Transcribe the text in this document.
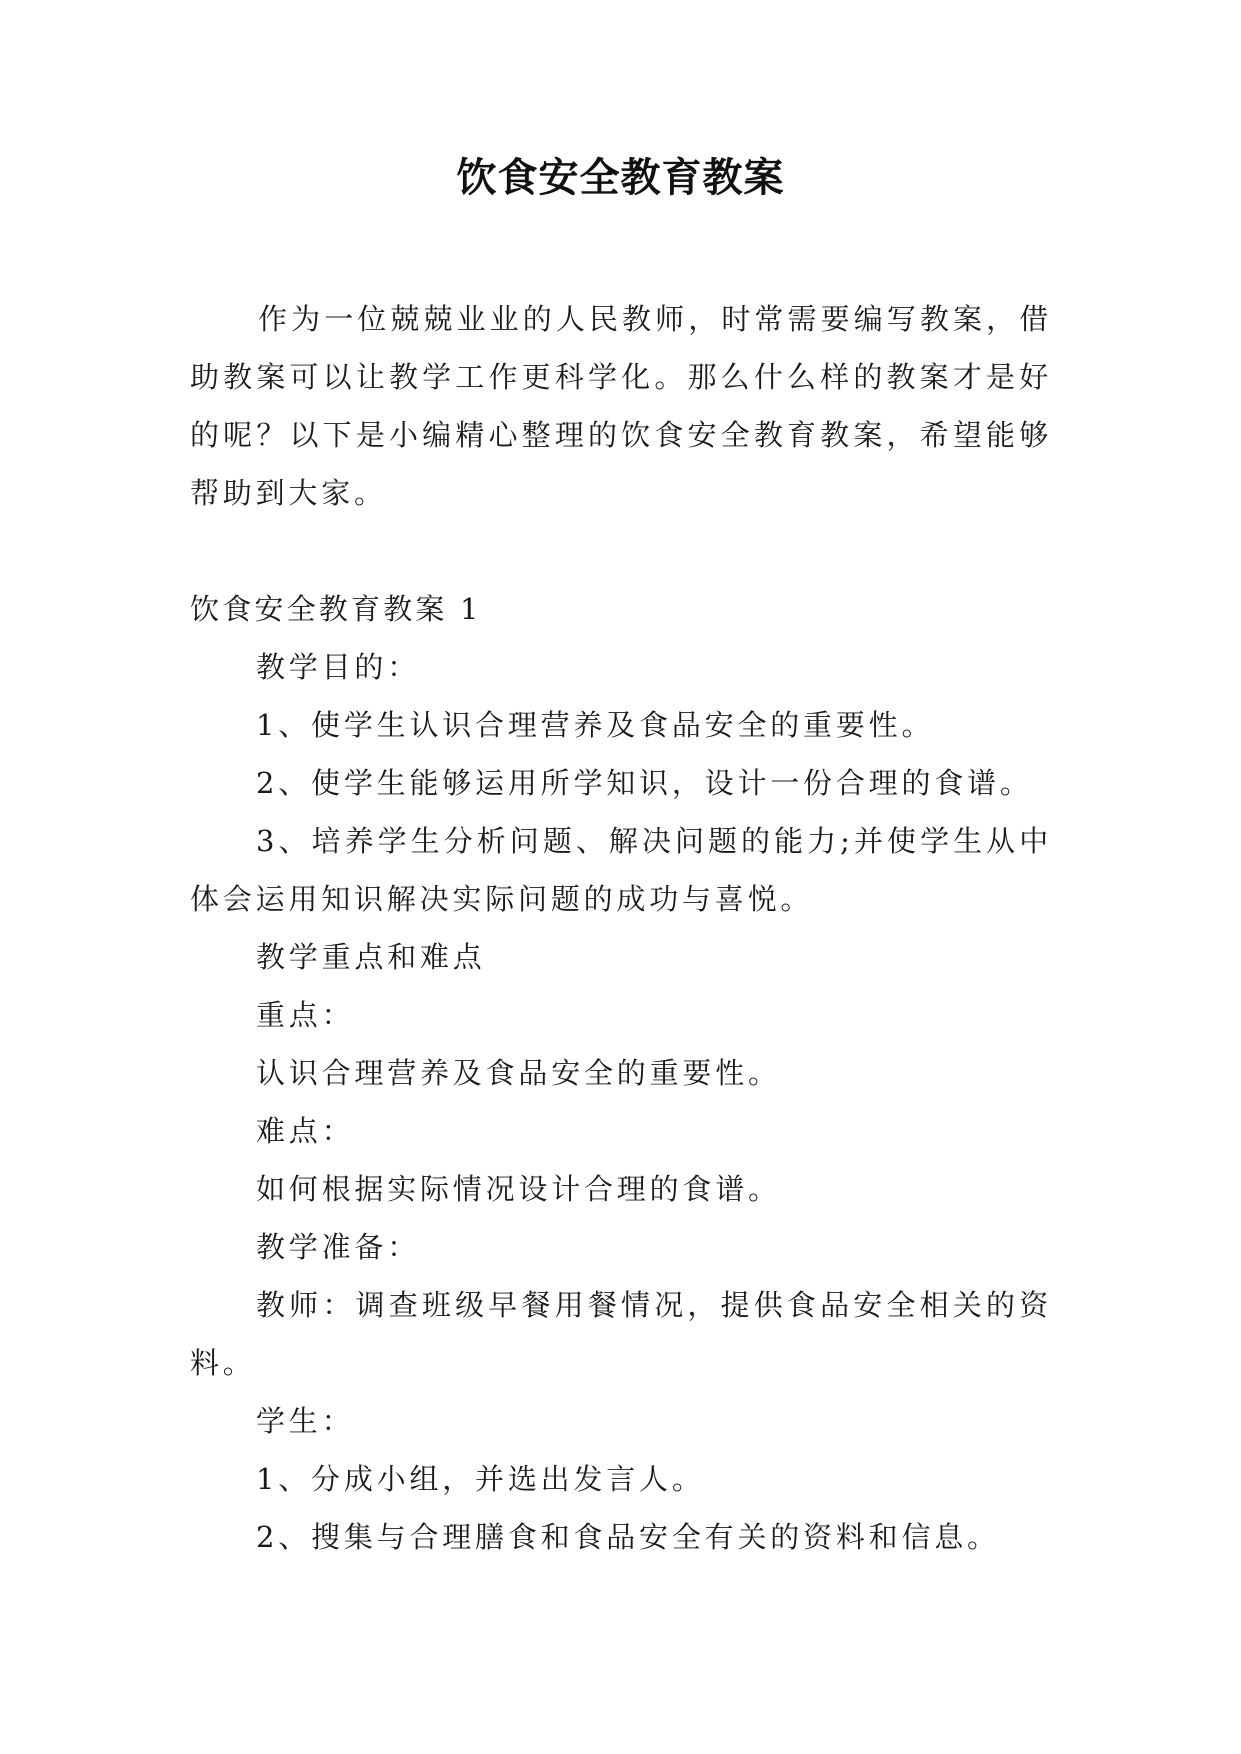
饮食安全教育教案

作为一位兢兢业业的人民教师，时常需要编写教案，借助教案可以让教学工作更科学化。那么什么样的教案才是好的呢？以下是小编精心整理的饮食安全教育教案，希望能够帮助到大家。

饮食安全教育教案 1

教学目的：

1、使学生认识合理营养及食品安全的重要性。

2、使学生能够运用所学知识，设计一份合理的食谱。

3、培养学生分析问题、解决问题的能力;并使学生从中体会运用知识解决实际问题的成功与喜悦。

教学重点和难点

重点：

认识合理营养及食品安全的重要性。

难点：

如何根据实际情况设计合理的食谱。

教学准备：

教师：调查班级早餐用餐情况，提供食品安全相关的资料。

学生：

1、分成小组，并选出发言人。

2、搜集与合理膳食和食品安全有关的资料和信息。
